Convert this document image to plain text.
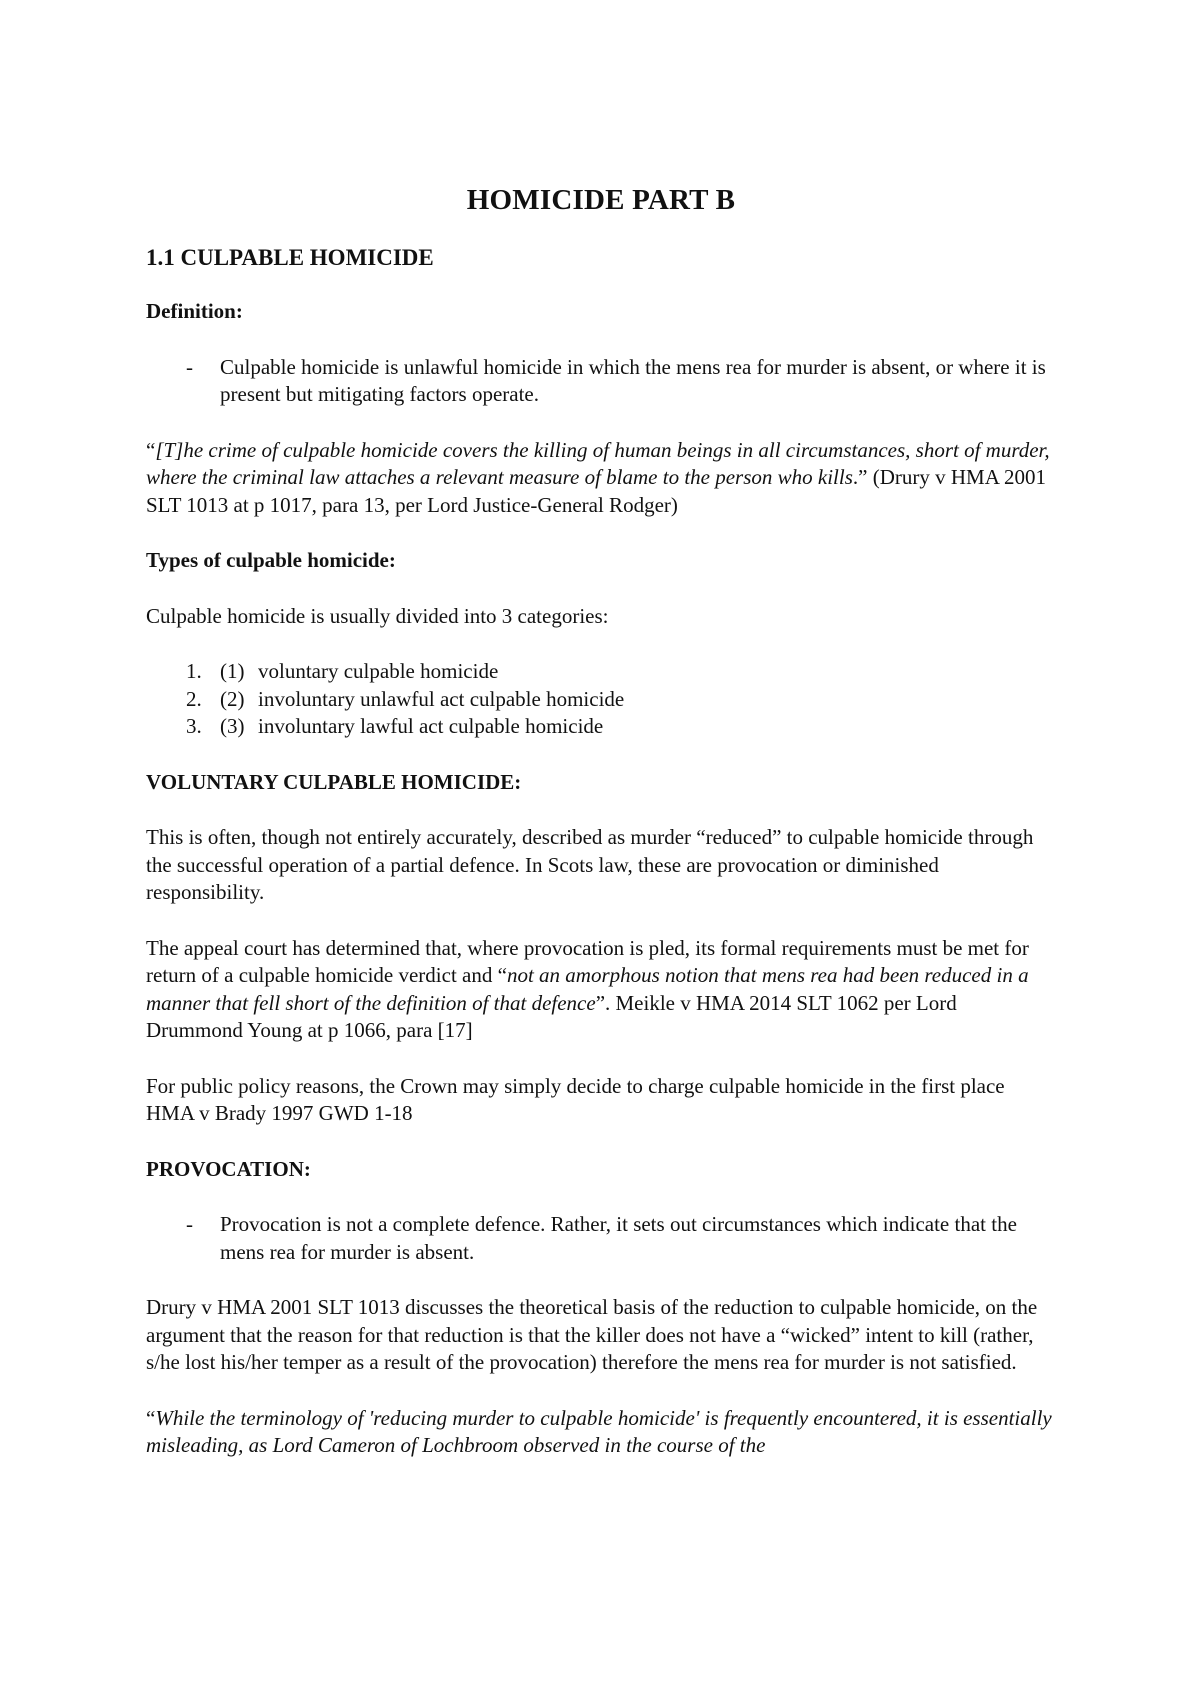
HOMICIDE PART B
1.1 CULPABLE HOMICIDE
Definition:
-	Culpable homicide is unlawful homicide in which the mens rea for murder is absent, or where it is present but mitigating factors operate.

“[T]he crime of culpable homicide covers the killing of human beings in all circumstances, short of murder, where the criminal law attaches a relevant measure of blame to the person who kills.” (Drury v HMA 2001 SLT 1013 at p 1017, para 13, per Lord Justice-General Rodger)

Types of culpable homicide:

Culpable homicide is usually divided into 3 categories:

1. (1) voluntary culpable homicide
2. (2) involuntary unlawful act culpable homicide
3. (3) involuntary lawful act culpable homicide
VOLUNTARY CULPABLE HOMICIDE:

This is often, though not entirely accurately, described as murder “reduced” to culpable homicide through the successful operation of a partial defence. In Scots law, these are provocation or diminished responsibility.

The appeal court has determined that, where provocation is pled, its formal requirements must be met for return of a culpable homicide verdict and “not an amorphous notion that mens rea had been reduced in a manner that fell short of the definition of that defence”. Meikle v HMA 2014 SLT 1062 per Lord Drummond Young at p 1066, para [17]

For public policy reasons, the Crown may simply decide to charge culpable homicide in the first place HMA v Brady 1997 GWD 1-18

PROVOCATION:
-	Provocation is not a complete defence. Rather, it sets out circumstances which indicate that the mens rea for murder is absent.

Drury v HMA 2001 SLT 1013 discusses the theoretical basis of the reduction to culpable homicide, on the argument that the reason for that reduction is that the killer does not have a “wicked” intent to kill (rather, s/he lost his/her temper as a result of the provocation) therefore the mens rea for murder is not satisfied.

“While the terminology of 'reducing murder to culpable homicide' is frequently encountered, it is essentially misleading, as Lord Cameron of Lochbroom observed in the course of the
